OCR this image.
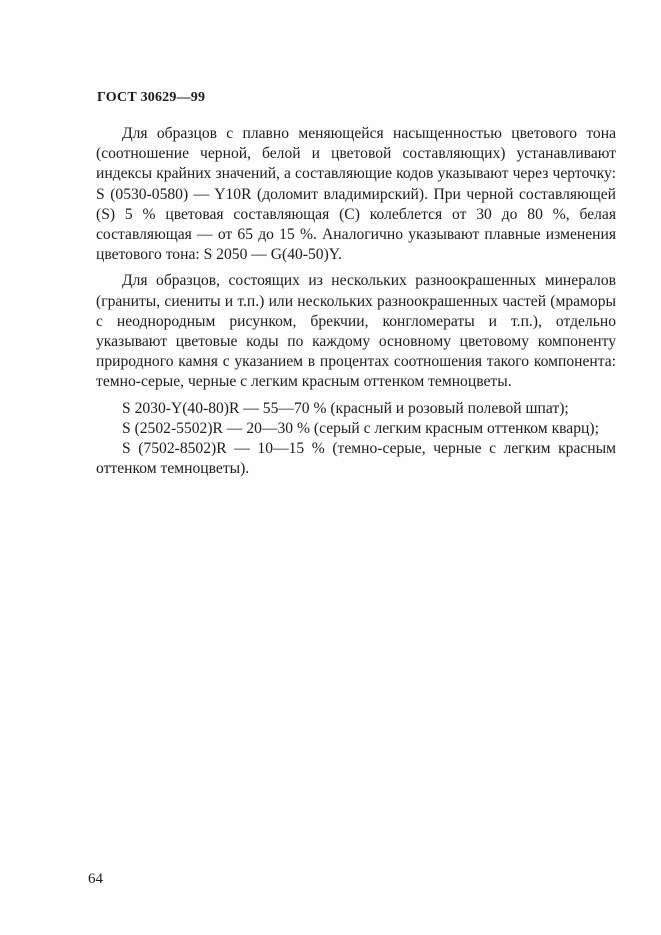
ГОСТ 30629—99

Для образцов с плавно меняющейся насыщенностью цветового тона (соотношение черной, белой и цветовой составляющих) устанавливают индексы крайних значений, а составляющие кодов указывают через черточку: S (0530-0580) — Y10R (доломит владимирский). При черной составляющей (S) 5 % цветовая составляющая (С) колеблется от 30 до 80 %, белая составляющая — от 65 до 15 %. Аналогично указывают плавные изменения цветового тона: S 2050 — G(40-50)Y.

Для образцов, состоящих из нескольких разноокрашенных минералов (граниты, сиениты и т.п.) или нескольких разноокрашенных частей (мраморы с неоднородным рисунком, брекчии, конгломераты и т.п.), отдельно указывают цветовые коды по каждому основному цветовому компоненту природного камня с указанием в процентах соотношения такого компонента: темно-серые, черные с легким красным оттенком темноцветы.

S 2030-Y(40-80)R — 55—70 % (красный и розовый полевой шпат);

S (2502-5502)R — 20—30 % (серый с легким красным оттенком кварц);

S (7502-8502)R — 10—15 % (темно-серые, черные с легким красным оттенком темноцветы).

64
